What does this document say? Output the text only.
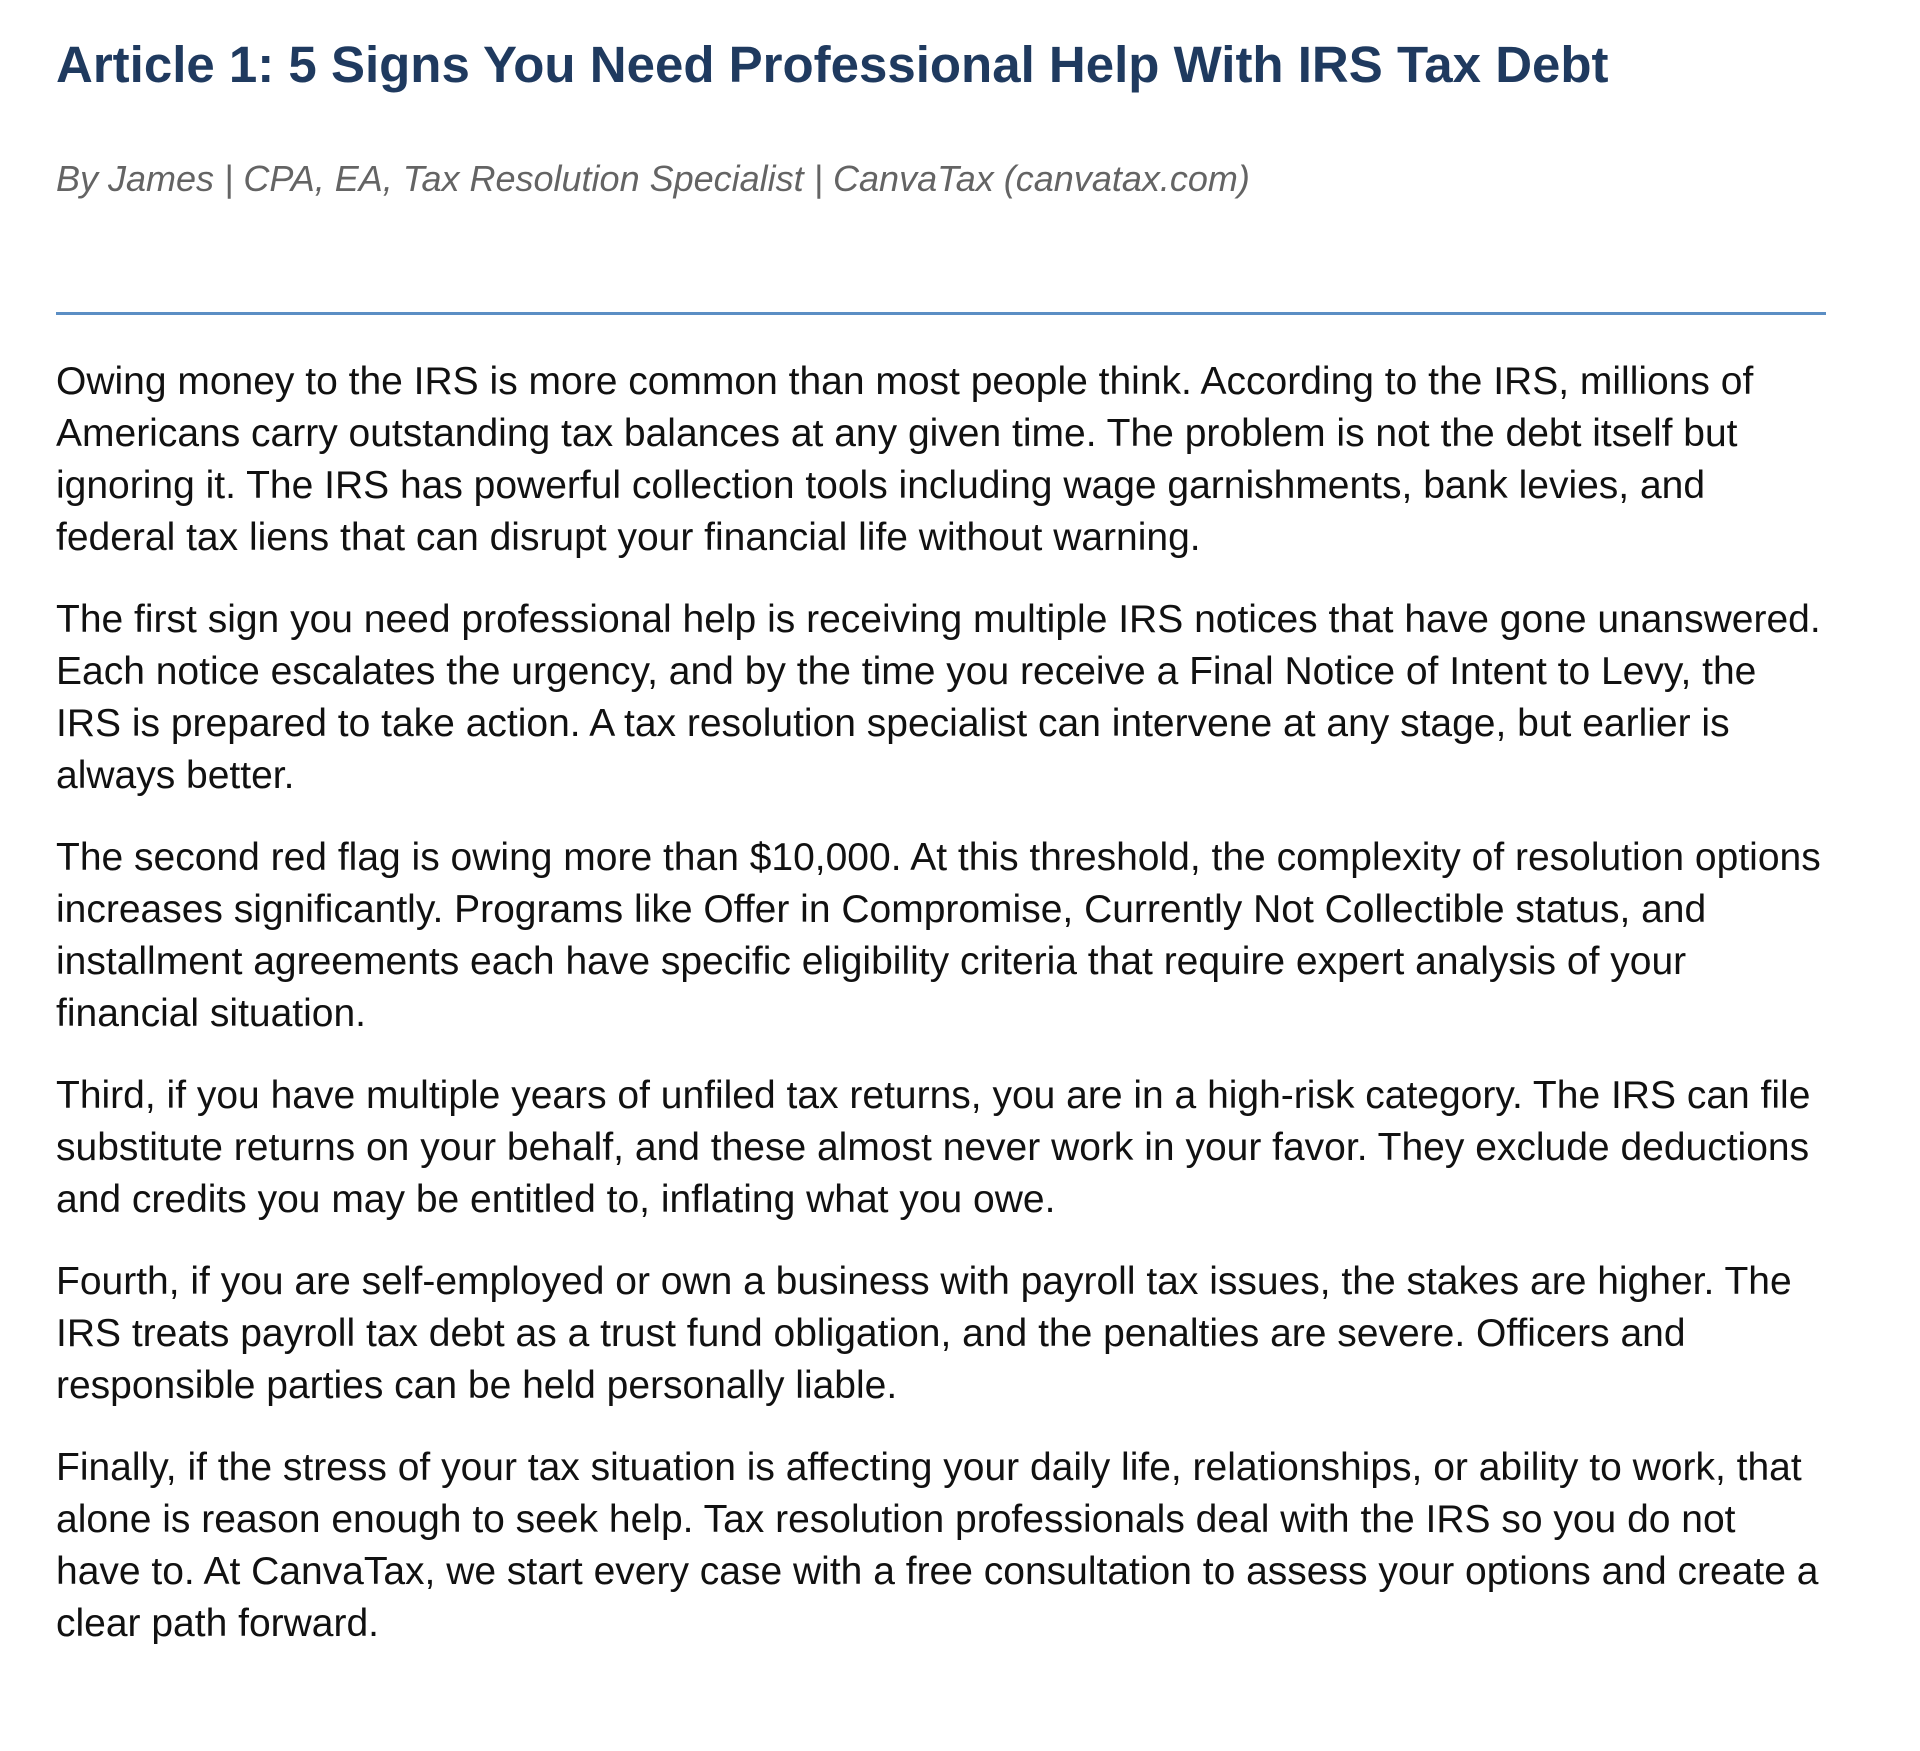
Article 1: 5 Signs You Need Professional Help With IRS Tax Debt

By James | CPA, EA, Tax Resolution Specialist | CanvaTax (canvatax.com)

Owing money to the IRS is more common than most people think. According to the IRS, millions of Americans carry outstanding tax balances at any given time. The problem is not the debt itself but ignoring it. The IRS has powerful collection tools including wage garnishments, bank levies, and federal tax liens that can disrupt your financial life without warning.

The first sign you need professional help is receiving multiple IRS notices that have gone unanswered. Each notice escalates the urgency, and by the time you receive a Final Notice of Intent to Levy, the IRS is prepared to take action. A tax resolution specialist can intervene at any stage, but earlier is always better.

The second red flag is owing more than $10,000. At this threshold, the complexity of resolution options increases significantly. Programs like Offer in Compromise, Currently Not Collectible status, and installment agreements each have specific eligibility criteria that require expert analysis of your financial situation.

Third, if you have multiple years of unfiled tax returns, you are in a high-risk category. The IRS can file substitute returns on your behalf, and these almost never work in your favor. They exclude deductions and credits you may be entitled to, inflating what you owe.

Fourth, if you are self-employed or own a business with payroll tax issues, the stakes are higher. The IRS treats payroll tax debt as a trust fund obligation, and the penalties are severe. Officers and responsible parties can be held personally liable.

Finally, if the stress of your tax situation is affecting your daily life, relationships, or ability to work, that alone is reason enough to seek help. Tax resolution professionals deal with the IRS so you do not have to. At CanvaTax, we start every case with a free consultation to assess your options and create a clear path forward.
